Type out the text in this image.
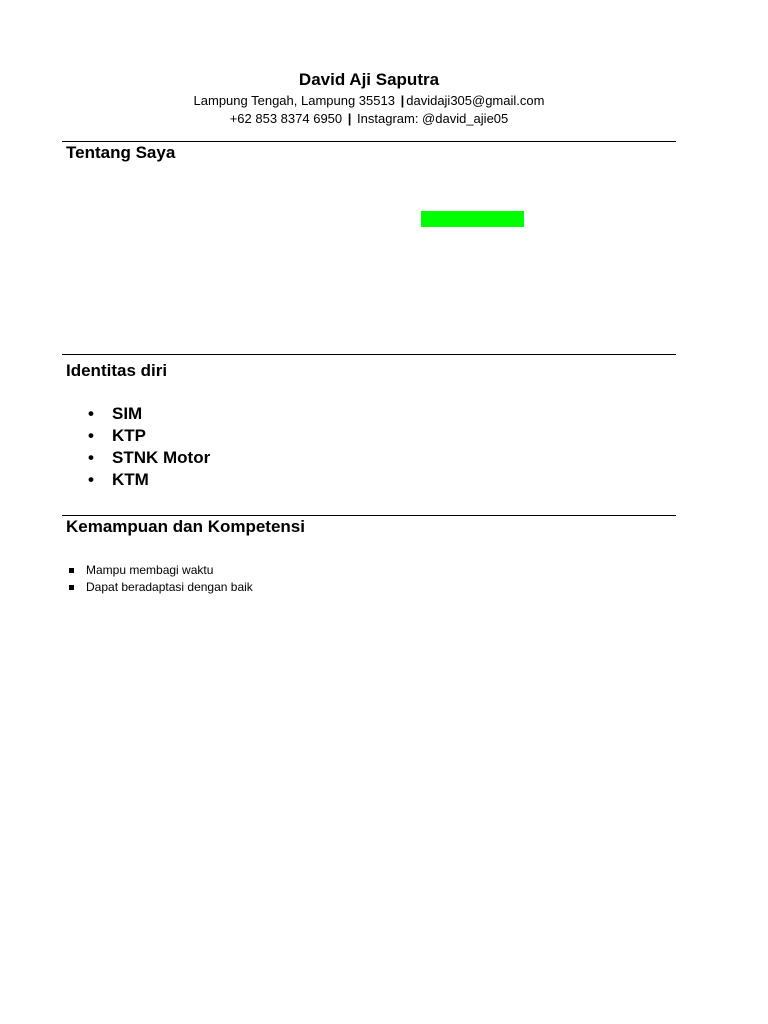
David Aji Saputra
Lampung Tengah, Lampung 35513 | davidaji305@gmail.com
+62 853 8374 6950 | Instagram: @david_ajie05
Tentang Saya
Identitas diri
• SIM
• KTP
• STNK Motor
• KTM
Kemampuan dan Kompetensi
Mampu membagi waktu
Dapat beradaptasi dengan baik
